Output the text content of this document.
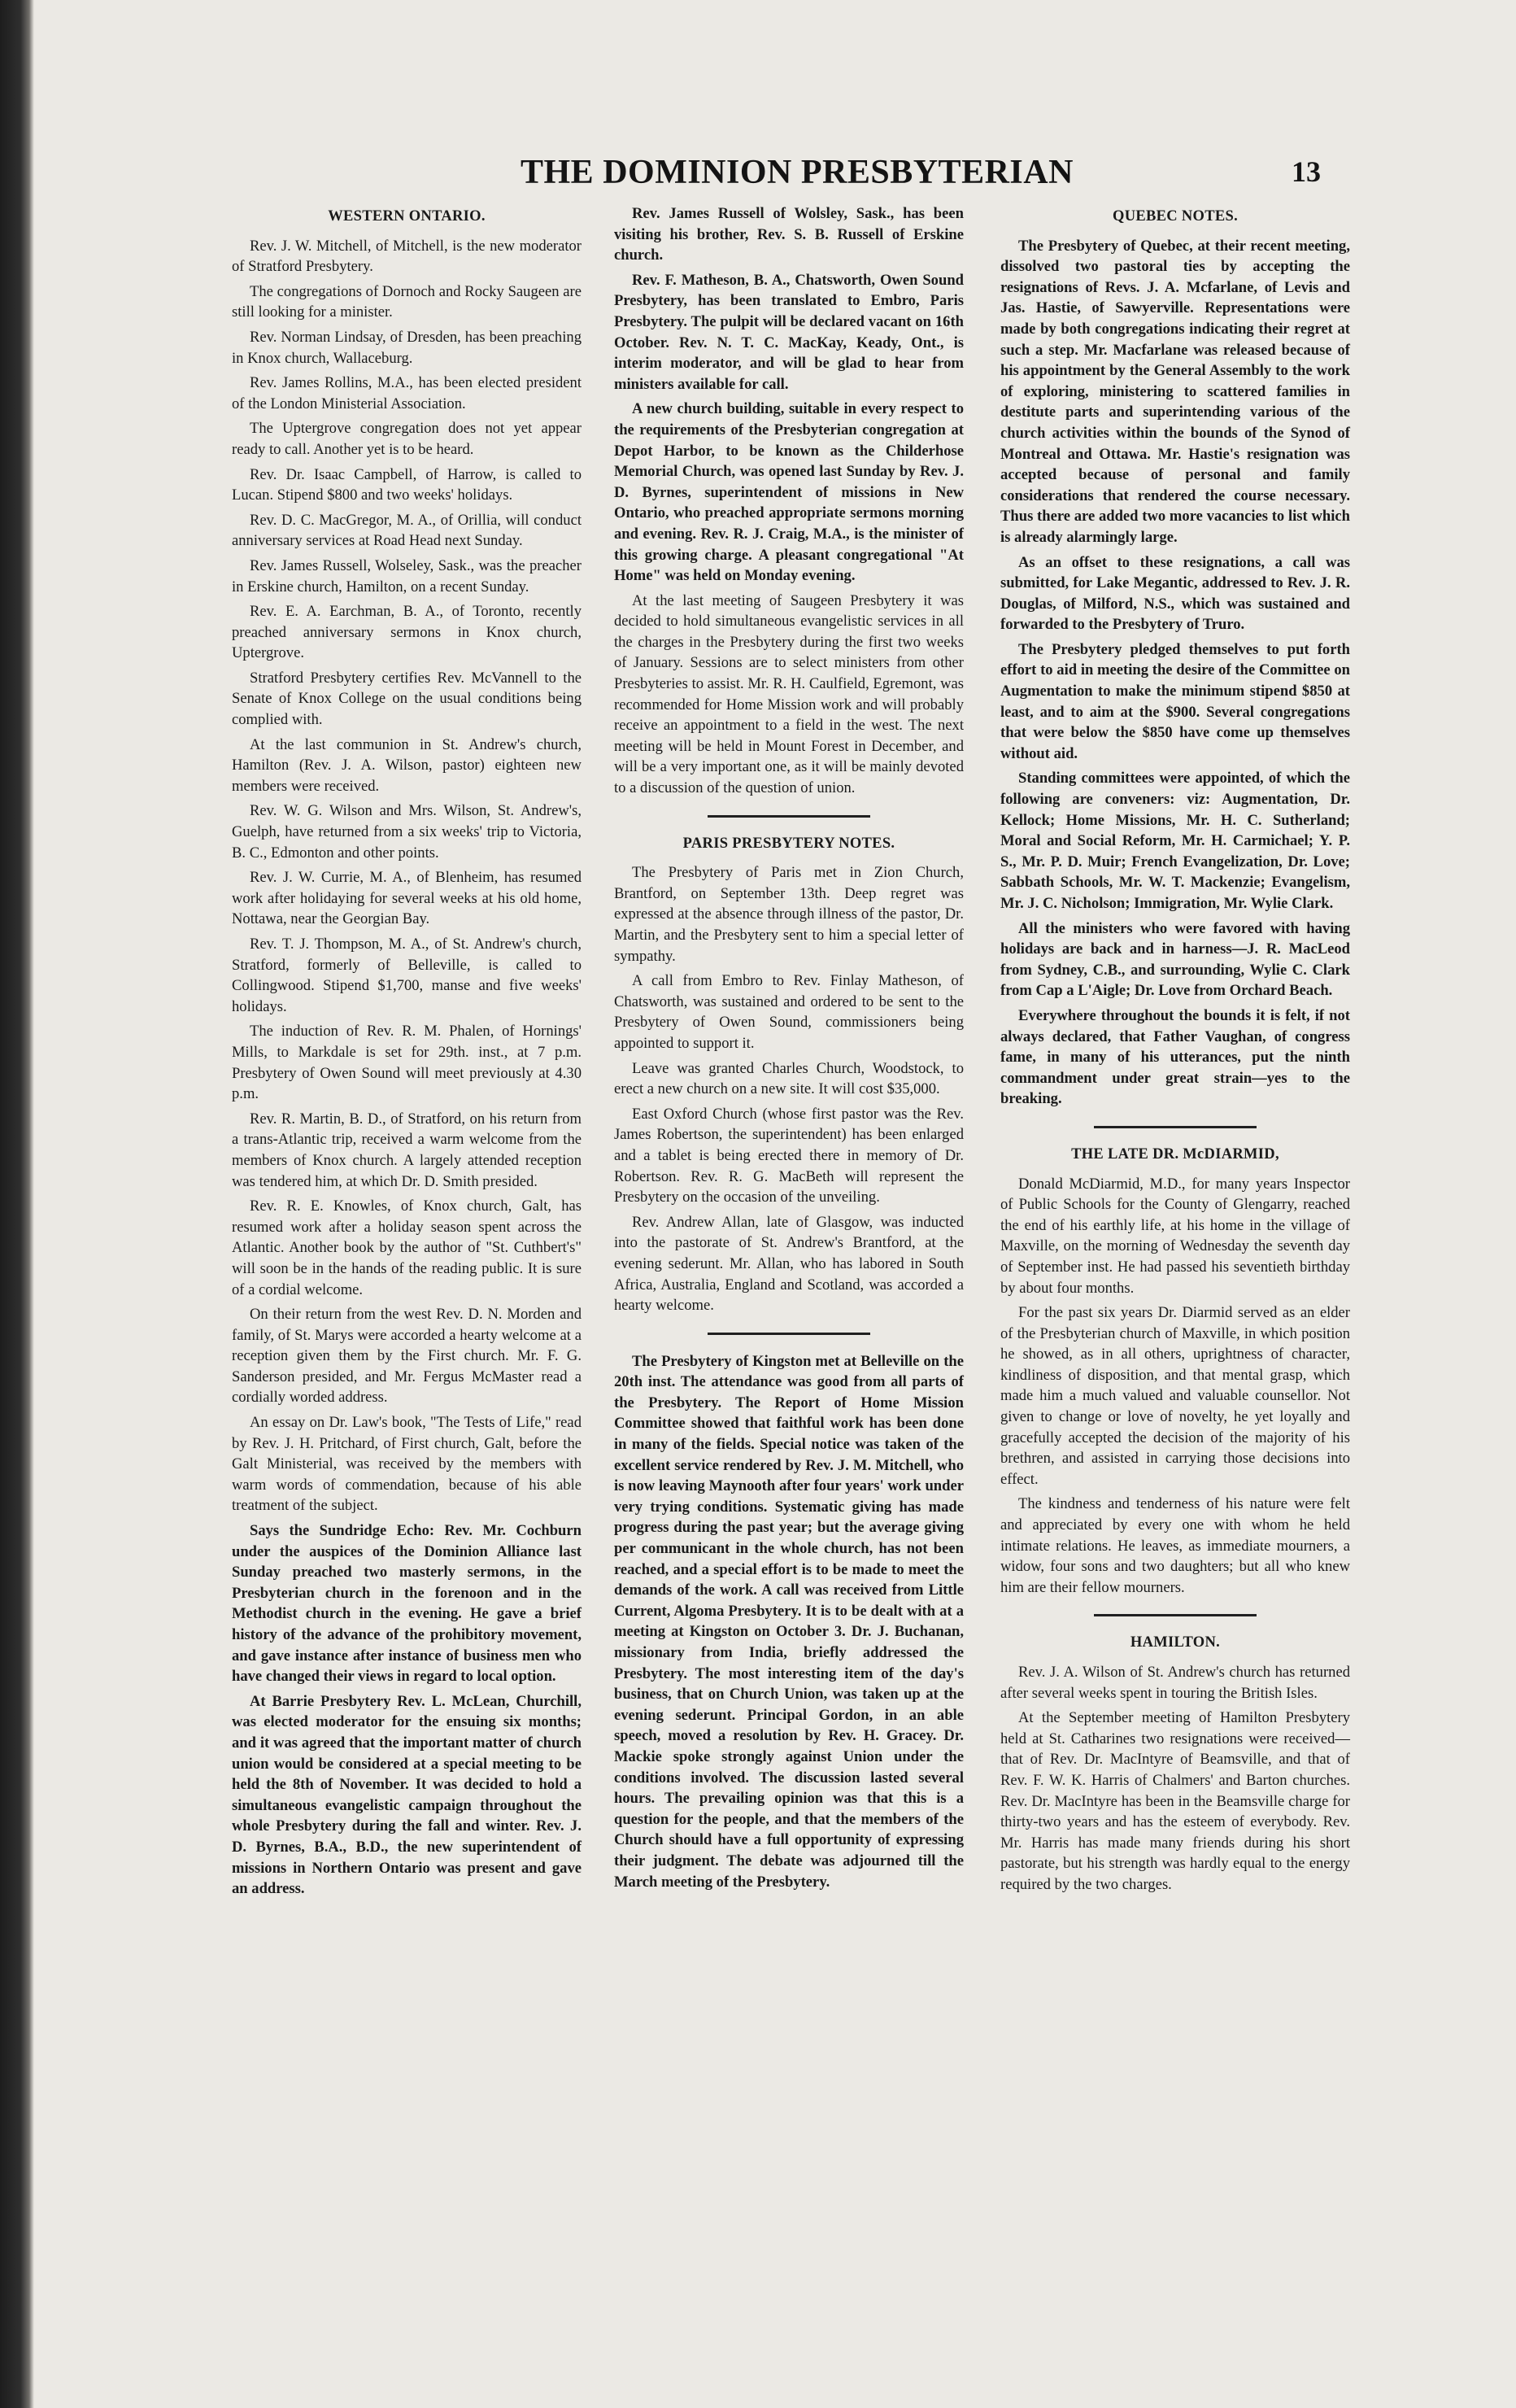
THE DOMINION PRESBYTERIAN	13
WESTERN ONTARIO.

Rev. J. W. Mitchell, of Mitchell, is the new moderator of Stratford Presbytery.

The congregations of Dornoch and Rocky Saugeen are still looking for a minister.

Rev. Norman Lindsay, of Dresden, has been preaching in Knox church, Wallaceburg.

Rev. James Rollins, M.A., has been elected president of the London Ministerial Association.

The Uptergrove congregation does not yet appear ready to call. Another yet is to be heard.

Rev. Dr. Isaac Campbell, of Harrow, is called to Lucan. Stipend $800 and two weeks' holidays.

Rev. D. C. MacGregor, M. A., of Orillia, will conduct anniversary services at Road Head next Sunday.

Rev. James Russell, Wolseley, Sask., was the preacher in Erskine church, Hamilton, on a recent Sunday.

Rev. E. A. Earchman, B. A., of Toronto, recently preached anniversary sermons in Knox church, Uptergrove.

Stratford Presbytery certifies Rev. McVannell to the Senate of Knox College on the usual conditions being complied with.

At the last communion in St. Andrew's church, Hamilton (Rev. J. A. Wilson, pastor) eighteen new members were received.

Rev. W. G. Wilson and Mrs. Wilson, St. Andrew's, Guelph, have returned from a six weeks' trip to Victoria, B. C., Edmonton and other points.

Rev. J. W. Currie, M. A., of Blenheim, has resumed work after holidaying for several weeks at his old home, Nottawa, near the Georgian Bay.

Rev. T. J. Thompson, M. A., of St. Andrew's church, Stratford, formerly of Belleville, is called to Collingwood. Stipend $1,700, manse and five weeks' holidays.

The induction of Rev. R. M. Phalen, of Hornings' Mills, to Markdale is set for 29th. inst., at 7 p.m. Presbytery of Owen Sound will meet previously at 4.30 p.m.

Rev. R. Martin, B. D., of Stratford, on his return from a trans-Atlantic trip, received a warm welcome from the members of Knox church. A largely attended reception was tendered him, at which Dr. D. Smith presided.

Rev. R. E. Knowles, of Knox church, Galt, has resumed work after a holiday season spent across the Atlantic. Another book by the author of "St. Cuthbert's" will soon be in the hands of the reading public. It is sure of a cordial welcome.

On their return from the west Rev. D. N. Morden and family, of St. Marys were accorded a hearty welcome at a reception given them by the First church. Mr. F. G. Sanderson presided, and Mr. Fergus McMaster read a cordially worded address.

An essay on Dr. Law's book, "The Tests of Life," read by Rev. J. H. Pritchard, of First church, Galt, before the Galt Ministerial, was received by the members with warm words of commendation, because of his able treatment of the subject.

Says the Sundridge Echo: Rev. Mr. Cochburn under the auspices of the Dominion Alliance last Sunday preached two masterly sermons, in the Presbyterian church in the forenoon and in the Methodist church in the evening. He gave a brief history of the advance of the prohibitory movement, and gave instance after instance of business men who have changed their views in regard to local option.

At Barrie Presbytery Rev. L. McLean, Churchill, was elected moderator for the ensuing six months; and it was agreed that the important matter of church union would be considered at a special meeting to be held the 8th of November. It was decided to hold a simultaneous evangelistic campaign throughout the whole Presbytery during the fall and winter. Rev. J. D. Byrnes, B.A., B.D., the new superintendent of missions in Northern Ontario was present and gave an address.

Rev. James Russell of Wolsley, Sask., has been visiting his brother, Rev. S. B. Russell of Erskine church.

Rev. F. Matheson, B. A., Chatsworth, Owen Sound Presbytery, has been translated to Embro, Paris Presbytery. The pulpit will be declared vacant on 16th October. Rev. N. T. C. MacKay, Keady, Ont., is interim moderator, and will be glad to hear from ministers available for call.

A new church building, suitable in every respect to the requirements of the Presbyterian congregation at Depot Harbor, to be known as the Childerhose Memorial Church, was opened last Sunday by Rev. J. D. Byrnes, superintendent of missions in New Ontario, who preached appropriate sermons morning and evening. Rev. R. J. Craig, M.A., is the minister of this growing charge. A pleasant congregational "At Home" was held on Monday evening.

At the last meeting of Saugeen Presbytery it was decided to hold simultaneous evangelistic services in all the charges in the Presbytery during the first two weeks of January. Sessions are to select ministers from other Presbyteries to assist. Mr. R. H. Caulfield, Egremont, was recommended for Home Mission work and will probably receive an appointment to a field in the west. The next meeting will be held in Mount Forest in December, and will be a very important one, as it will be mainly devoted to a discussion of the question of union.

PARIS PRESBYTERY NOTES.

The Presbytery of Paris met in Zion Church, Brantford, on September 13th. Deep regret was expressed at the absence through illness of the pastor, Dr. Martin, and the Presbytery sent to him a special letter of sympathy.

A call from Embro to Rev. Finlay Matheson, of Chatsworth, was sustained and ordered to be sent to the Presbytery of Owen Sound, commissioners being appointed to support it.

Leave was granted Charles Church, Woodstock, to erect a new church on a new site. It will cost $35,000.

East Oxford Church (whose first pastor was the Rev. James Robertson, the superintendent) has been enlarged and a tablet is being erected there in memory of Dr. Robertson. Rev. R. G. MacBeth will represent the Presbytery on the occasion of the unveiling.

Rev. Andrew Allan, late of Glasgow, was inducted into the pastorate of St. Andrew's Brantford, at the evening sederunt. Mr. Allan, who has labored in South Africa, Australia, England and Scotland, was accorded a hearty welcome.

The Presbytery of Kingston met at Belleville on the 20th inst. The attendance was good from all parts of the Presbytery. The Report of Home Mission Committee showed that faithful work has been done in many of the fields. Special notice was taken of the excellent service rendered by Rev. J. M. Mitchell, who is now leaving Maynooth after four years' work under very trying conditions. Systematic giving has made progress during the past year; but the average giving per communicant in the whole church, has not been reached, and a special effort is to be made to meet the demands of the work. A call was received from Little Current, Algoma Presbytery. It is to be dealt with at a meeting at Kingston on October 3. Dr. J. Buchanan, missionary from India, briefly addressed the Presbytery. The most interesting item of the day's business, that on Church Union, was taken up at the evening sederunt. Principal Gordon, in an able speech, moved a resolution by Rev. H. Gracey. Dr. Mackie spoke strongly against Union under the conditions involved. The discussion lasted several hours. The prevailing opinion was that this is a question for the people, and that the members of the Church should have a full opportunity of expressing their judgment. The debate was adjourned till the March meeting of the Presbytery.

QUEBEC NOTES.

The Presbytery of Quebec, at their recent meeting, dissolved two pastoral ties by accepting the resignations of Revs. J. A. Mcfarlane, of Levis and Jas. Hastie, of Sawyerville. Representations were made by both congregations indicating their regret at such a step. Mr. Macfarlane was released because of his appointment by the General Assembly to the work of exploring, ministering to scattered families in destitute parts and superintending various of the church activities within the bounds of the Synod of Montreal and Ottawa. Mr. Hastie's resignation was accepted because of personal and family considerations that rendered the course necessary. Thus there are added two more vacancies to list which is already alarmingly large.

As an offset to these resignations, a call was submitted, for Lake Megantic, addressed to Rev. J. R. Douglas, of Milford, N.S., which was sustained and forwarded to the Presbytery of Truro.

The Presbytery pledged themselves to put forth effort to aid in meeting the desire of the Committee on Augmentation to make the minimum stipend $850 at least, and to aim at the $900. Several congregations that were below the $850 have come up themselves without aid.

Standing committees were appointed, of which the following are conveners: viz: Augmentation, Dr. Kellock; Home Missions, Mr. H. C. Sutherland; Moral and Social Reform, Mr. H. Carmichael; Y. P. S., Mr. P. D. Muir; French Evangelization, Dr. Love; Sabbath Schools, Mr. W. T. Mackenzie; Evangelism, Mr. J. C. Nicholson; Immigration, Mr. Wylie Clark.

All the ministers who were favored with having holidays are back and in harness—J. R. MacLeod from Sydney, C.B., and surrounding, Wylie C. Clark from Cap a L'Aigle; Dr. Love from Orchard Beach.

Everywhere throughout the bounds it is felt, if not always declared, that Father Vaughan, of congress fame, in many of his utterances, put the ninth commandment under great strain—yes to the breaking.

THE LATE DR. McDIARMID,

Donald McDiarmid, M.D., for many years Inspector of Public Schools for the County of Glengarry, reached the end of his earthly life, at his home in the village of Maxville, on the morning of Wednesday the seventh day of September inst. He had passed his seventieth birthday by about four months.

For the past six years Dr. Diarmid served as an elder of the Presbyterian church of Maxville, in which position he showed, as in all others, uprightness of character, kindliness of disposition, and that mental grasp, which made him a much valued and valuable counsellor. Not given to change or love of novelty, he yet loyally and gracefully accepted the decision of the majority of his brethren, and assisted in carrying those decisions into effect.

The kindness and tenderness of his nature were felt and appreciated by every one with whom he held intimate relations. He leaves, as immediate mourners, a widow, four sons and two daughters; but all who knew him are their fellow mourners.

HAMILTON.

Rev. J. A. Wilson of St. Andrew's church has returned after several weeks spent in touring the British Isles.

At the September meeting of Hamilton Presbytery held at St. Catharines two resignations were received—that of Rev. Dr. MacIntyre of Beamsville, and that of Rev. F. W. K. Harris of Chalmers' and Barton churches. Rev. Dr. MacIntyre has been in the Beamsville charge for thirty-two years and has the esteem of everybody. Rev. Mr. Harris has made many friends during his short pastorate, but his strength was hardly equal to the energy required by the two charges.
